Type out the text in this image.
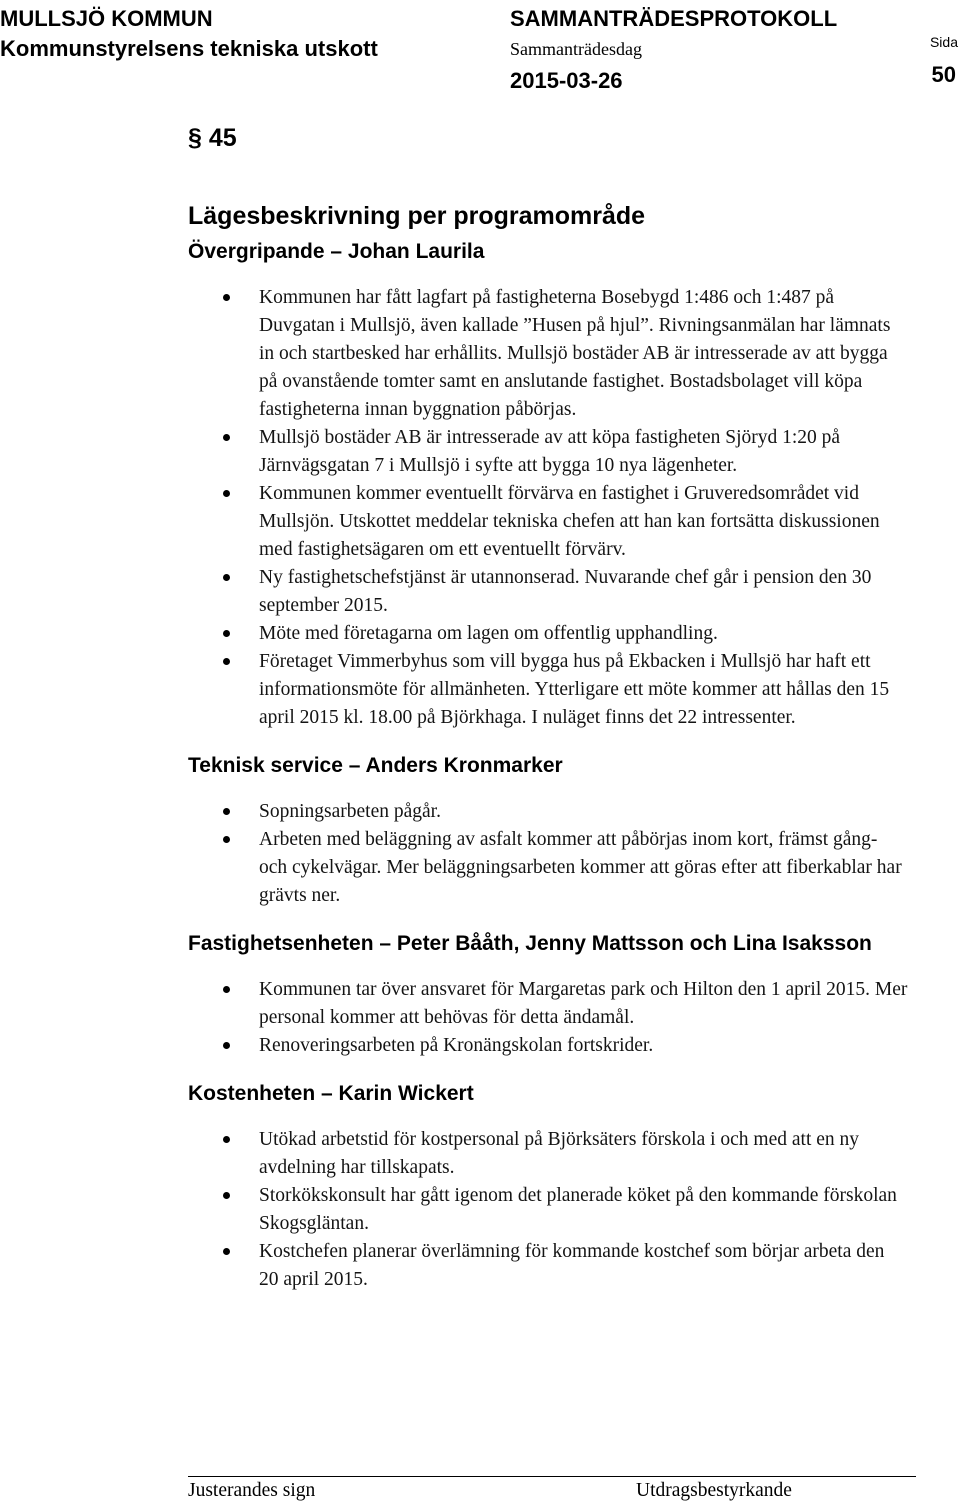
MULLSJÖ KOMMUN
Kommunstyrelsens tekniska utskott
SAMMANTRÄDESPROTOKOLL
Sammanträdesdag
2015-03-26
Sida
50
§ 45
Lägesbeskrivning per programområde
Övergripande – Johan Laurila
Kommunen har fått lagfart på fastigheterna Bosebygd 1:486 och 1:487 på Duvgatan i Mullsjö, även kallade ”Husen på hjul”. Rivningsanmälan har lämnats in och startbesked har erhållits. Mullsjö bostäder AB är intresserade av att bygga på ovanstående tomter samt en anslutande fastighet. Bostadsbolaget vill köpa fastigheterna innan byggnation påbörjas.
Mullsjö bostäder AB är intresserade av att köpa fastigheten Sjöryd 1:20 på Järnvägsgatan 7 i Mullsjö i syfte att bygga 10 nya lägenheter.
Kommunen kommer eventuellt förvärva en fastighet i Gruveredsområdet vid Mullsjön. Utskottet meddelar tekniska chefen att han kan fortsätta diskussionen med fastighetsägaren om ett eventuellt förvärv.
Ny fastighetschefstjänst är utannonserad. Nuvarande chef går i pension den 30 september 2015.
Möte med företagarna om lagen om offentlig upphandling.
Företaget Vimmerbyhus som vill bygga hus på Ekbacken i Mullsjö har haft ett informationsmöte för allmänheten. Ytterligare ett möte kommer att hållas den 15 april 2015 kl. 18.00 på Björkhaga. I nuläget finns det 22 intressenter.
Teknisk service – Anders Kronmarker
Sopningsarbeten pågår.
Arbeten med beläggning av asfalt kommer att påbörjas inom kort, främst gång- och cykelvägar. Mer beläggningsarbeten kommer att göras efter att fiberkablar har grävts ner.
Fastighetsenheten – Peter Bååth, Jenny Mattsson och Lina Isaksson
Kommunen tar över ansvaret för Margaretas park och Hilton den 1 april 2015. Mer personal kommer att behövas för detta ändamål.
Renoveringsarbeten på Kronängskolan fortskrider.
Kostenheten – Karin Wickert
Utökad arbetstid för kostpersonal på Björksäters förskola i och med att en ny avdelning har tillskapats.
Storkökskonsult har gått igenom det planerade köket på den kommande förskolan Skogsgläntan.
Kostchefen planerar överlämning för kommande kostchef som börjar arbeta den 20 april 2015.
Justerandes sign	Utdragsbestyrkande
